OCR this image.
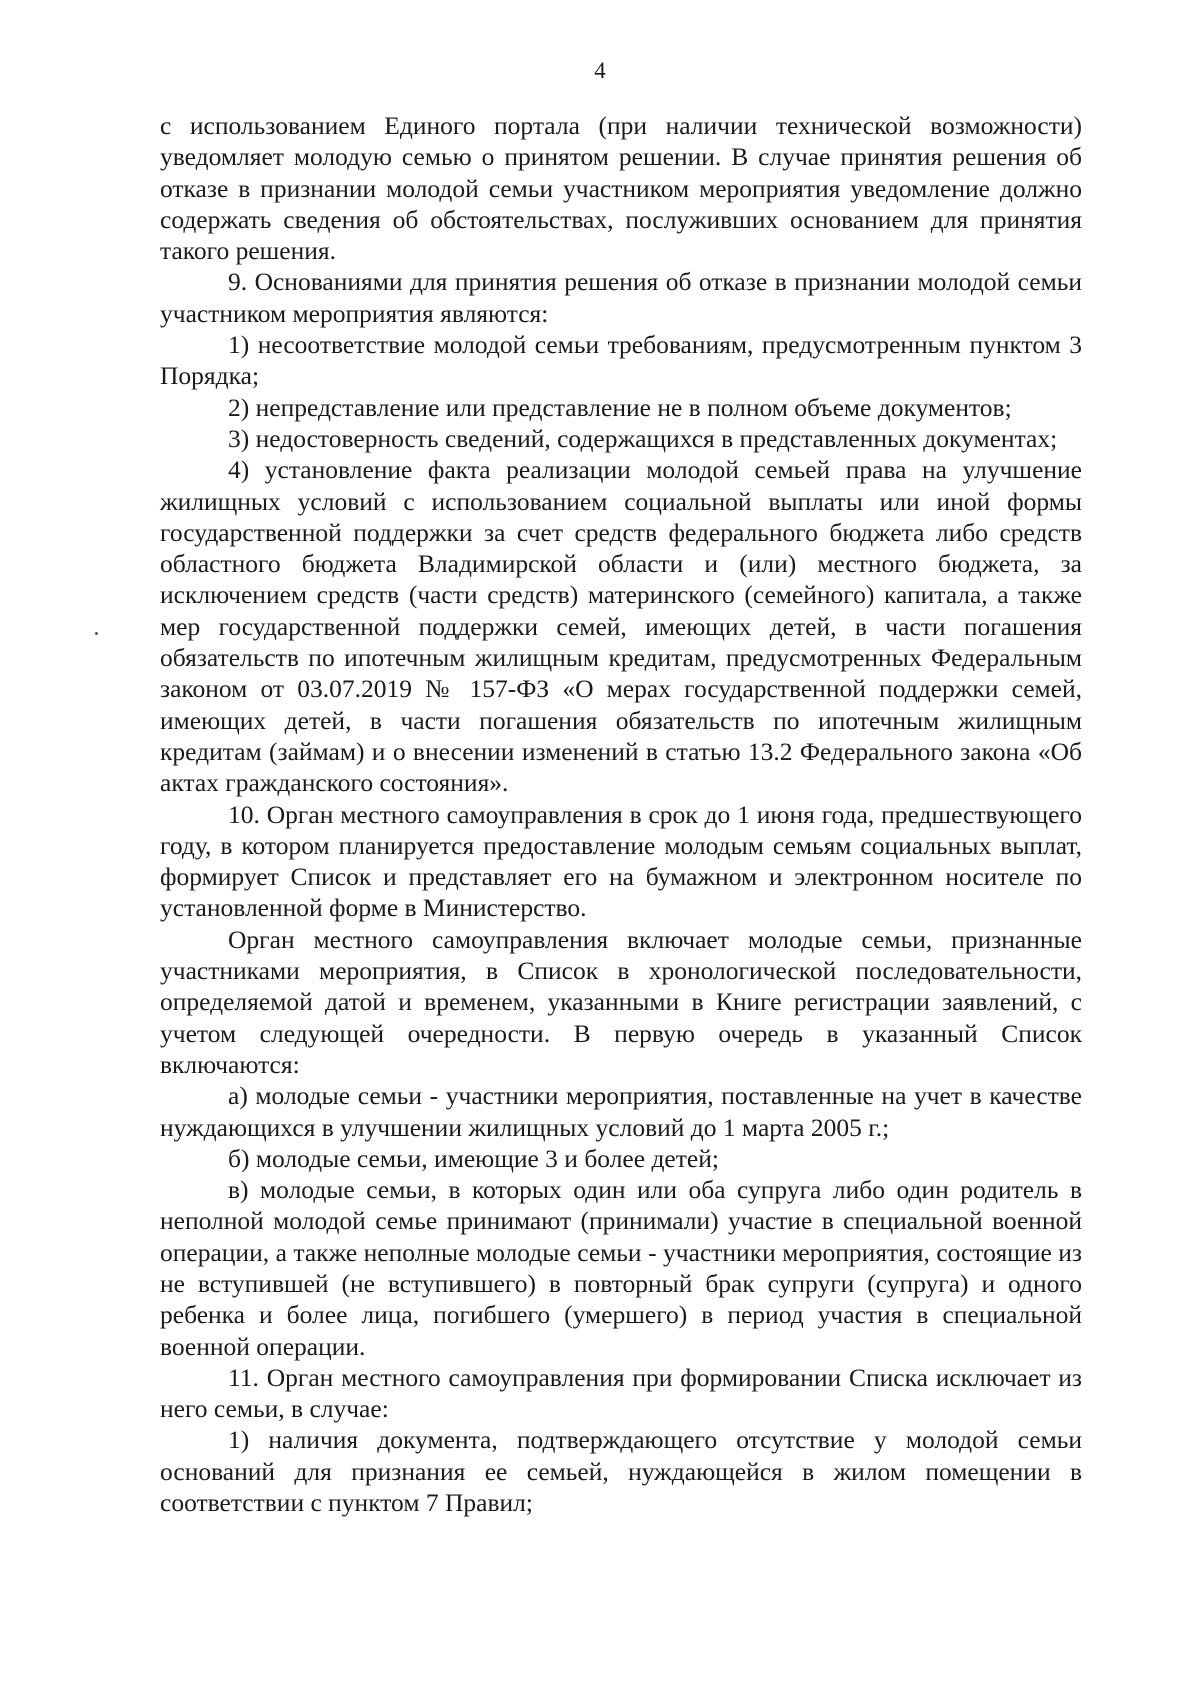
4

с использованием Единого портала (при наличии технической возможности) уведомляет молодую семью о принятом решении. В случае принятия решения об отказе в признании молодой семьи участником мероприятия уведомление должно содержать сведения об обстоятельствах, послуживших основанием для принятия такого решения.

9. Основаниями для принятия решения об отказе в признании молодой семьи участником мероприятия являются:

1) несоответствие молодой семьи требованиям, предусмотренным пунктом 3 Порядка;

2) непредставление или представление не в полном объеме документов;

3) недостоверность сведений, содержащихся в представленных документах;

4) установление факта реализации молодой семьей права на улучшение жилищных условий с использованием социальной выплаты или иной формы государственной поддержки за счет средств федерального бюджета либо средств областного бюджета Владимирской области и (или) местного бюджета, за исключением средств (части средств) материнского (семейного) капитала, а также мер государственной поддержки семей, имеющих детей, в части погашения обязательств по ипотечным жилищным кредитам, предусмотренных Федеральным законом от 03.07.2019 № 157-ФЗ «О мерах государственной поддержки семей, имеющих детей, в части погашения обязательств по ипотечным жилищным кредитам (займам) и о внесении изменений в статью 13.2 Федерального закона «Об актах гражданского состояния».

10. Орган местного самоуправления в срок до 1 июня года, предшествующего году, в котором планируется предоставление молодым семьям социальных выплат, формирует Список и представляет его на бумажном и электронном носителе по установленной форме в Министерство.

Орган местного самоуправления включает молодые семьи, признанные участниками мероприятия, в Список в хронологической последовательности, определяемой датой и временем, указанными в Книге регистрации заявлений, с учетом следующей очередности. В первую очередь в указанный Список включаются:

а) молодые семьи - участники мероприятия, поставленные на учет в качестве нуждающихся в улучшении жилищных условий до 1 марта 2005 г.;

б) молодые семьи, имеющие 3 и более детей;

в) молодые семьи, в которых один или оба супруга либо один родитель в неполной молодой семье принимают (принимали) участие в специальной военной операции, а также неполные молодые семьи - участники мероприятия, состоящие из не вступившей (не вступившего) в повторный брак супруги (супруга) и одного ребенка и более лица, погибшего (умершего) в период участия в специальной военной операции.

11. Орган местного самоуправления при формировании Списка исключает из него семьи, в случае:

1) наличия документа, подтверждающего отсутствие у молодой семьи оснований для признания ее семьей, нуждающейся в жилом помещении в соответствии с пунктом 7 Правил;
